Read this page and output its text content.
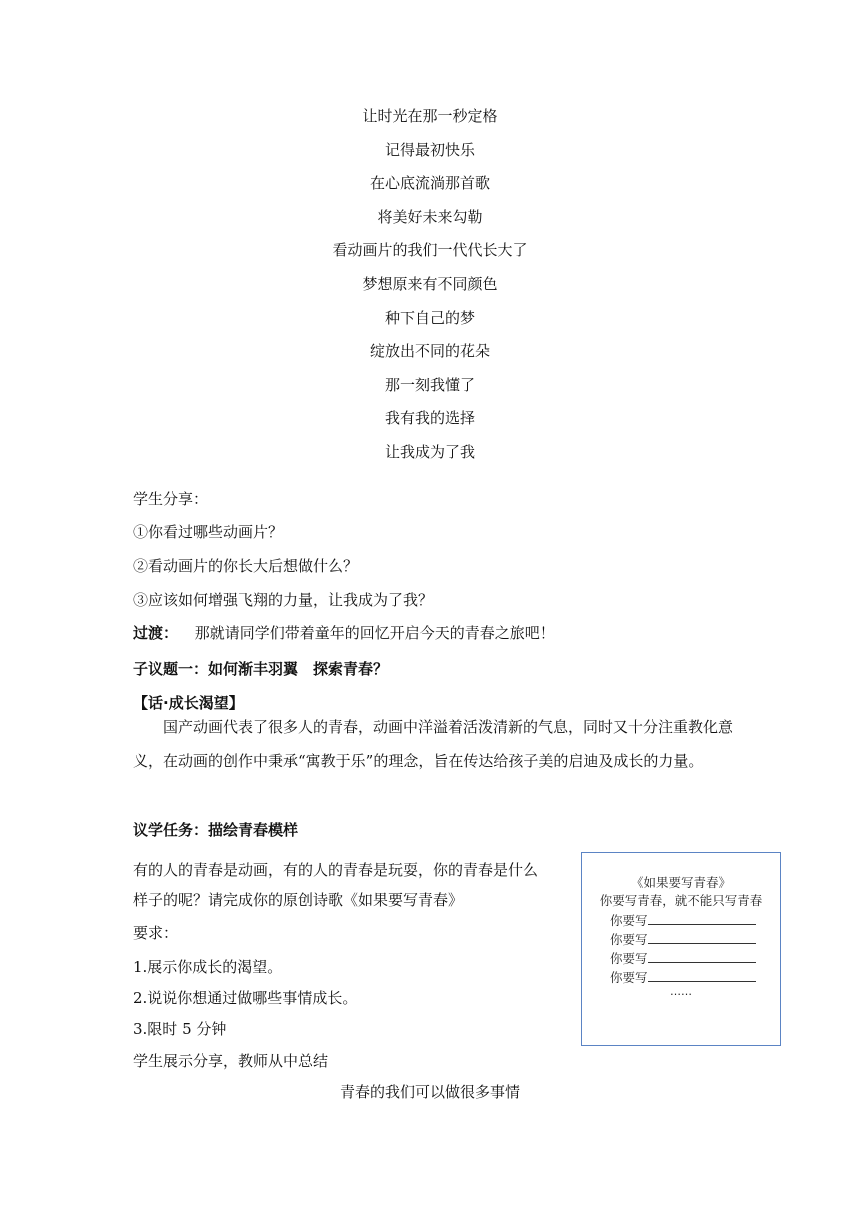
让时光在那一秒定格
记得最初快乐
在心底流淌那首歌
将美好未来勾勒
看动画片的我们一代代长大了
梦想原来有不同颜色
种下自己的梦
绽放出不同的花朵
那一刻我懂了
我有我的选择
让我成为了我
学生分享：
①你看过哪些动画片？
②看动画片的你长大后想做什么？
③应该如何增强飞翔的力量，让我成为了我？
过渡： 那就请同学们带着童年的回忆开启今天的青春之旅吧！
子议题一：如何渐丰羽翼　探索青春？
【话·成长渴望】
国产动画代表了很多人的青春，动画中洋溢着活泼清新的气息，同时又十分注重教化意义，在动画的创作中秉承“寓教于乐”的理念，旨在传达给孩子美的启迪及成长的力量。
议学任务：描绘青春模样
有的人的青春是动画，有的人的青春是玩耍，你的青春是什么
样子的呢？请完成你的原创诗歌《如果要写青春》
要求：
1.展示你成长的渴望。
2.说说你想通过做哪些事情成长。
3.限时 5 分钟
学生展示分享，教师从中总结
《如果要写青春》
你要写青春，就不能只写青春
你要写
你要写
你要写
你要写
……
青春的我们可以做很多事情
